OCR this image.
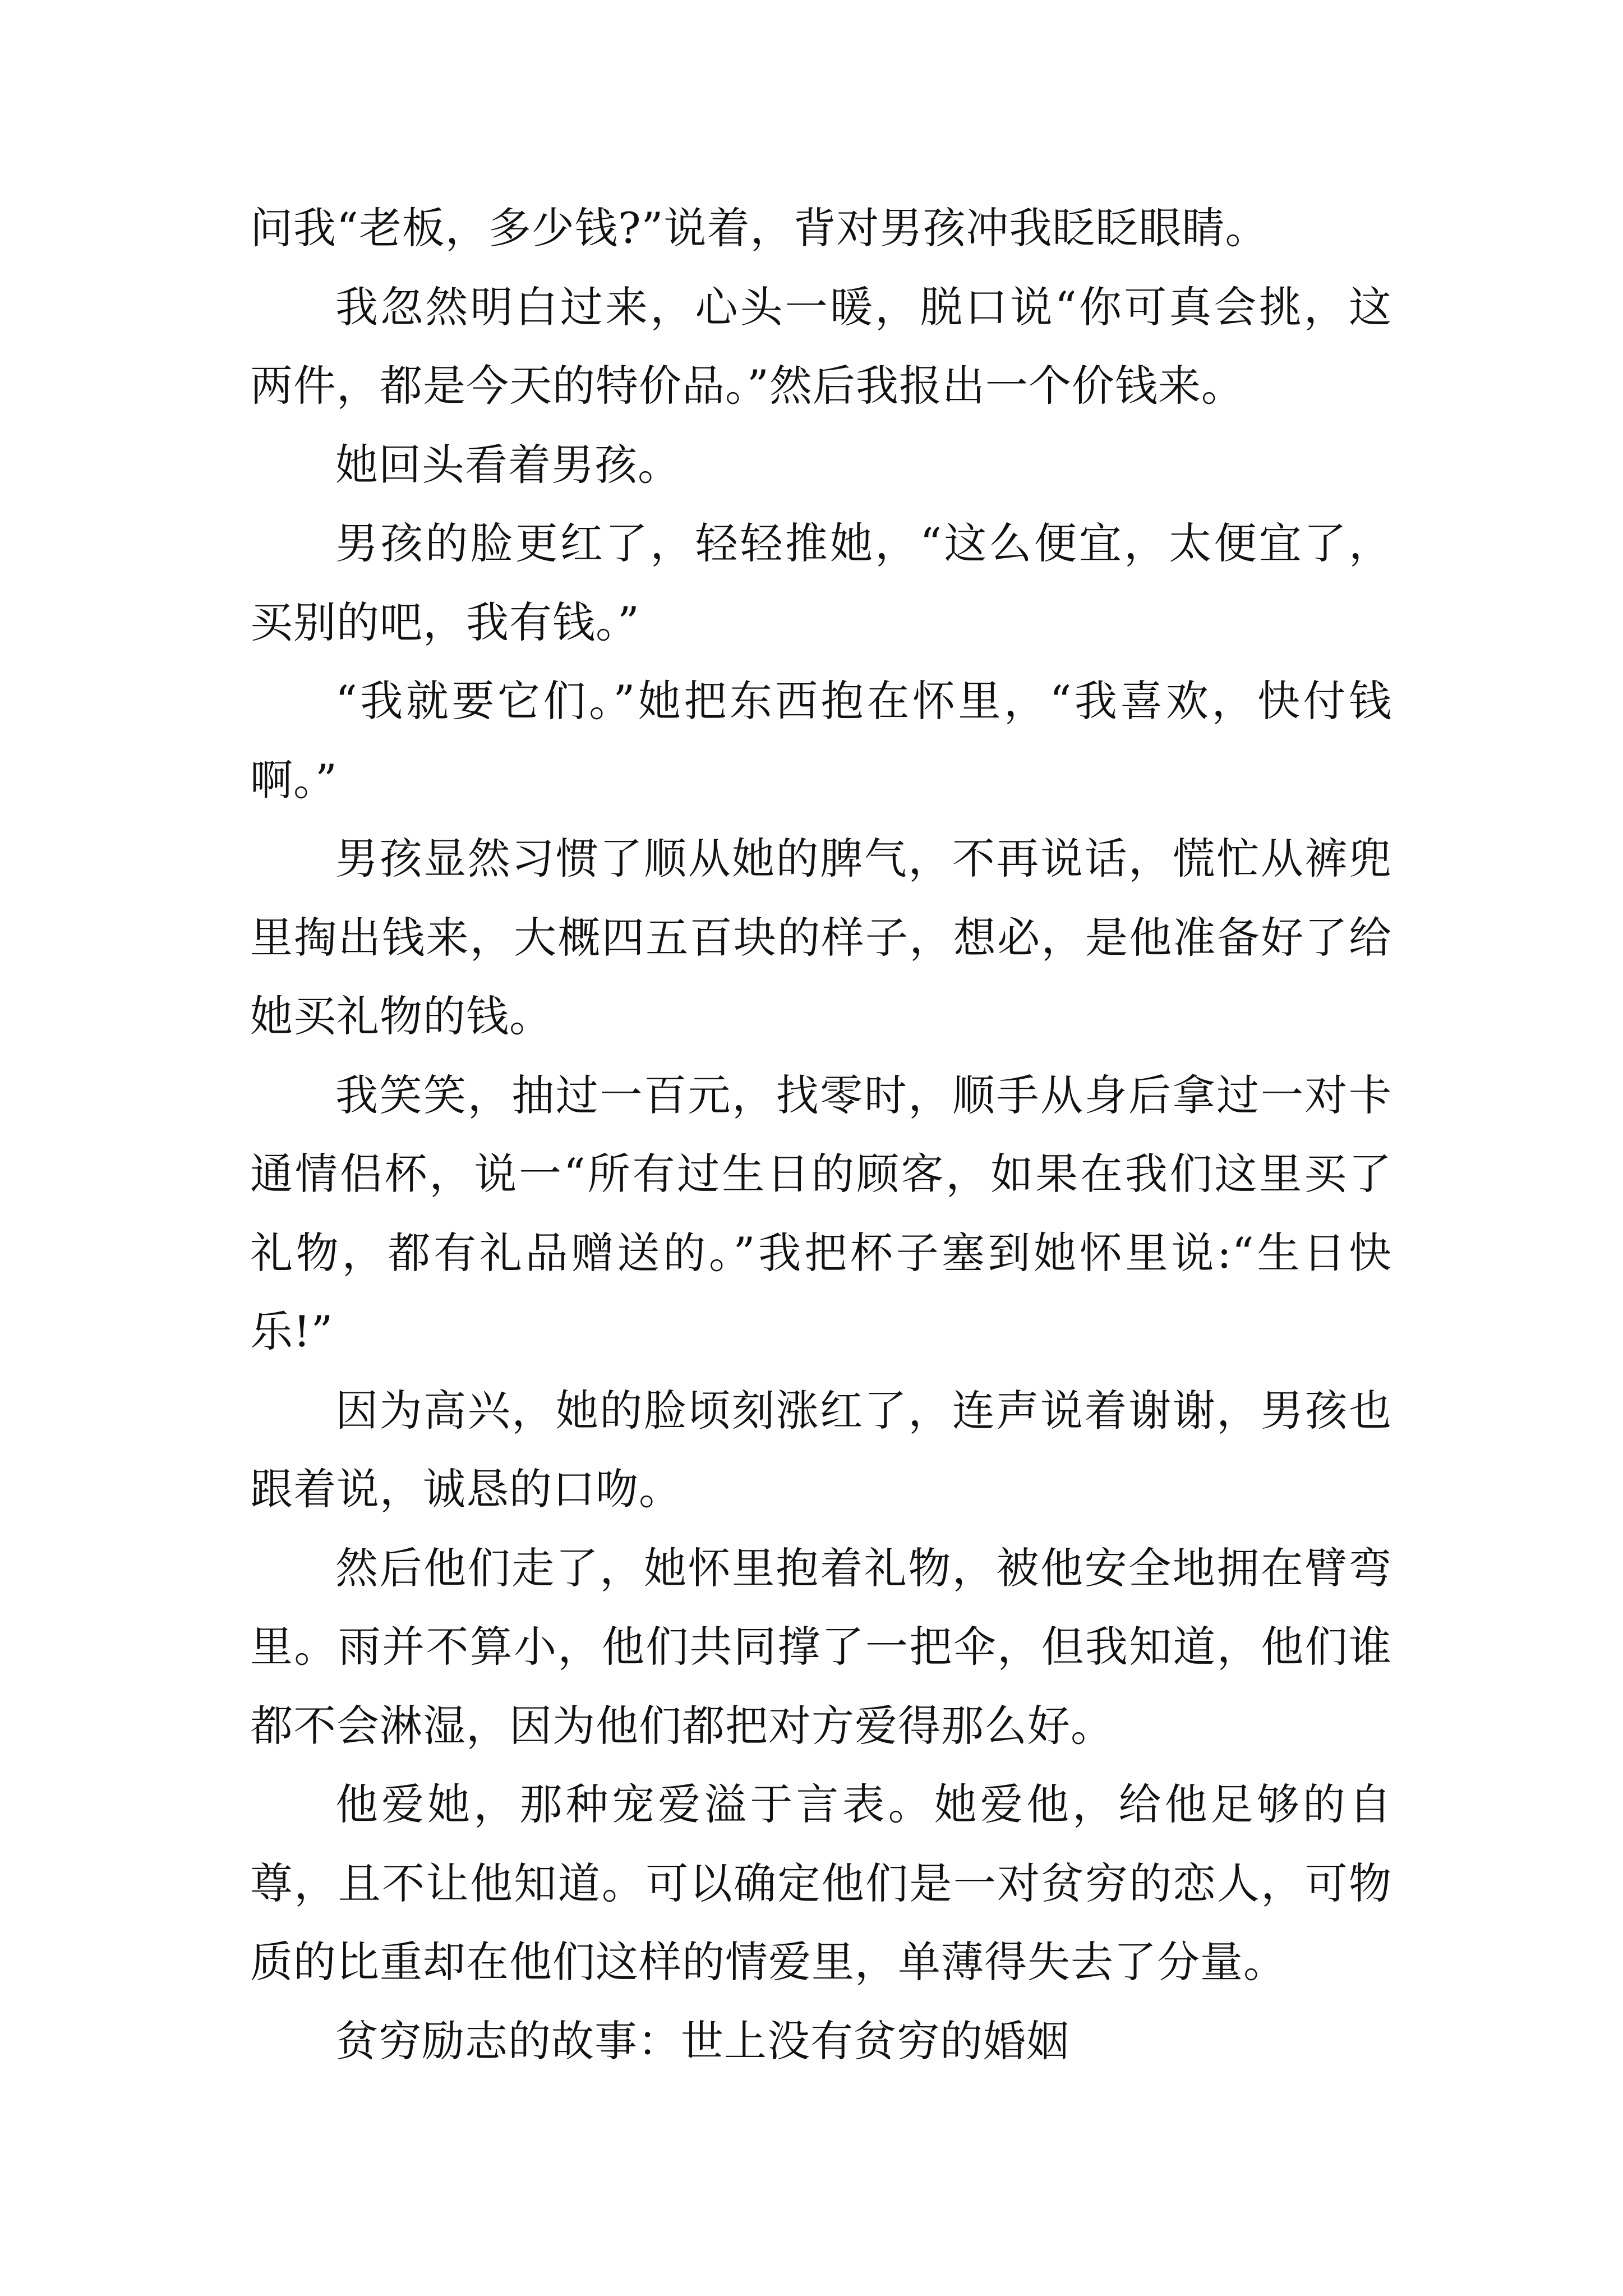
问我“老板，多少钱?”说着，背对男孩冲我眨眨眼睛。

我忽然明白过来，心头一暖，脱口说“你可真会挑，这两件，都是今天的特价品。”然后我报出一个价钱来。

她回头看着男孩。

男孩的脸更红了，轻轻推她，“这么便宜，太便宜了，买别的吧，我有钱。”

“我就要它们。”她把东西抱在怀里，“我喜欢，快付钱啊。”

男孩显然习惯了顺从她的脾气，不再说话，慌忙从裤兜里掏出钱来，大概四五百块的样子，想必，是他准备好了给她买礼物的钱。

我笑笑，抽过一百元，找零时，顺手从身后拿过一对卡通情侣杯，说一“所有过生日的顾客，如果在我们这里买了礼物，都有礼品赠送的。”我把杯子塞到她怀里说:“生日快乐!”

因为高兴，她的脸顷刻涨红了，连声说着谢谢，男孩也跟着说，诚恳的口吻。

然后他们走了，她怀里抱着礼物，被他安全地拥在臂弯里。雨并不算小，他们共同撑了一把伞，但我知道，他们谁都不会淋湿，因为他们都把对方爱得那么好。

他爱她，那种宠爱溢于言表。她爱他，给他足够的自尊，且不让他知道。可以确定他们是一对贫穷的恋人，可物质的比重却在他们这样的情爱里，单薄得失去了分量。

贫穷励志的故事：世上没有贫穷的婚姻
